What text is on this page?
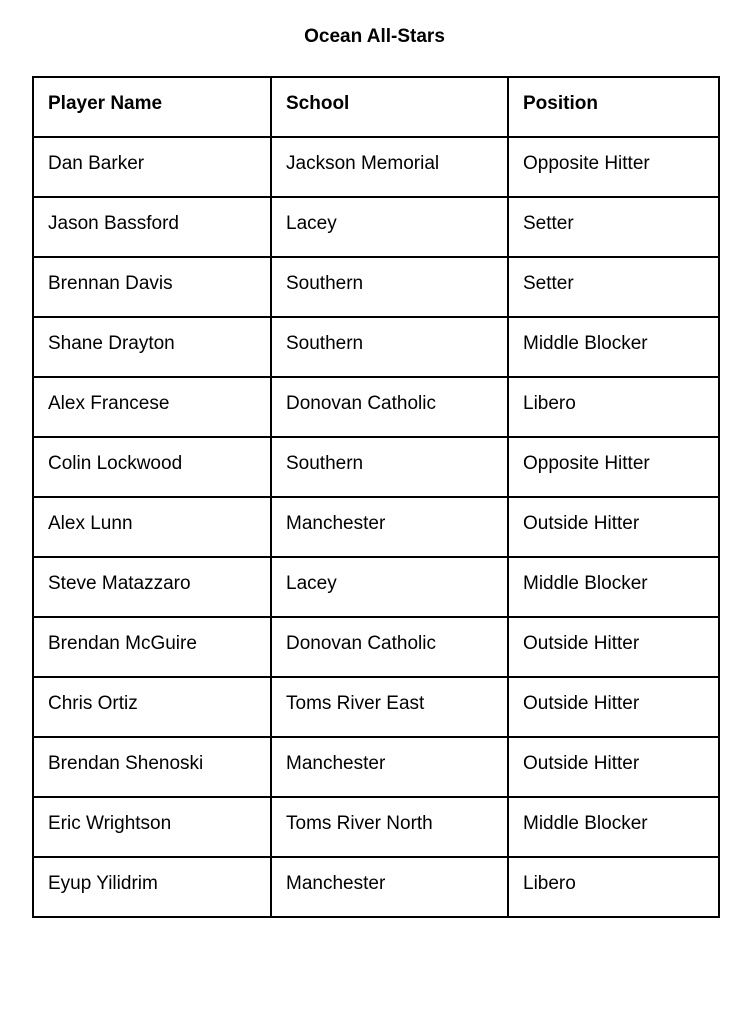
Ocean All-Stars
Player Name	School	Position

Dan Barker	Jackson Memorial	Opposite Hitter

Jason Bassford	Lacey	Setter

Brennan Davis	Southern	Setter

Shane Drayton	Southern	Middle Blocker

Alex Francese	Donovan Catholic	Libero

Colin Lockwood	Southern	Opposite Hitter

Alex Lunn	Manchester	Outside Hitter

Steve Matazzaro	Lacey	Middle Blocker

Brendan McGuire	Donovan Catholic	Outside Hitter

Chris Ortiz	Toms River East	Outside Hitter

Brendan Shenoski	Manchester	Outside Hitter

Eric Wrightson	Toms River North	Middle Blocker

Eyup Yilidrim	Manchester	Libero
